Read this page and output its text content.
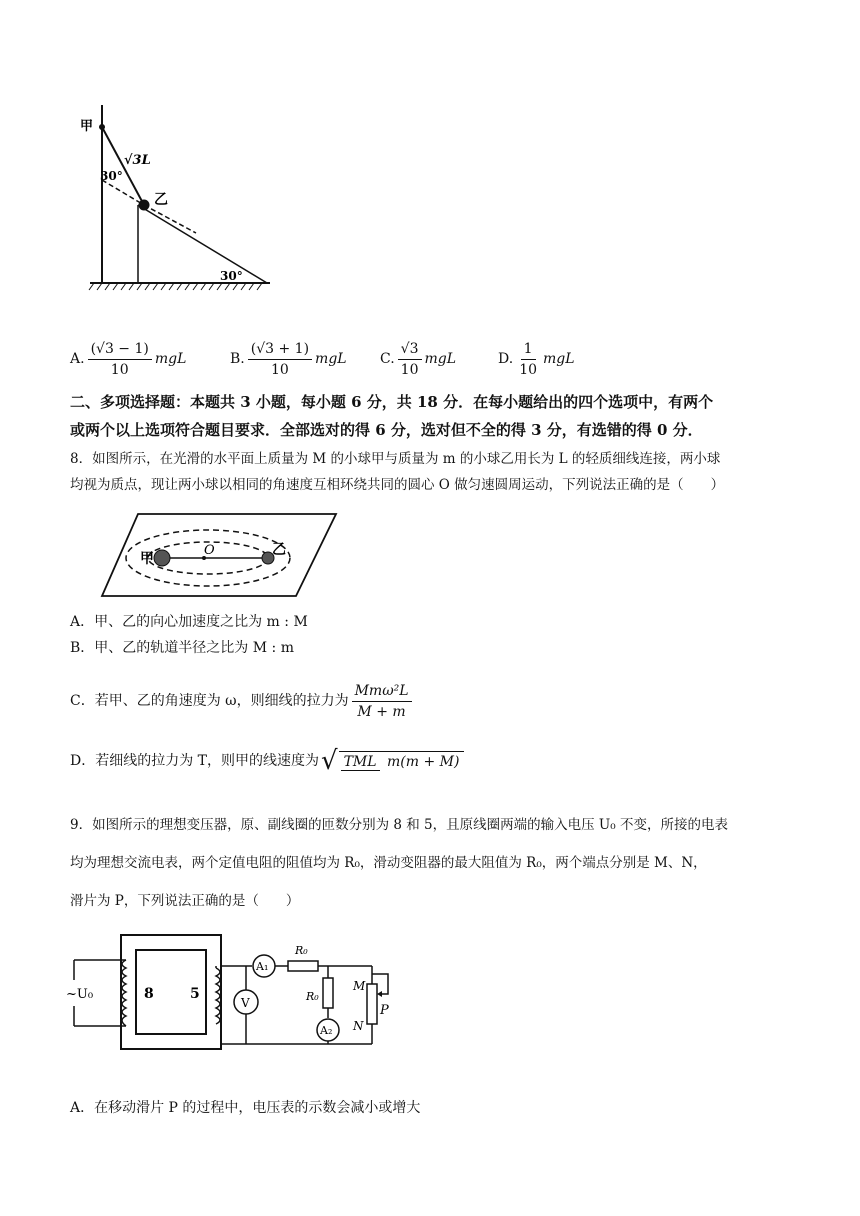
甲
30°
√3L
乙
30°
A. $\frac{(√3 - 1)}{10}$ mgL	B. $\frac{(√3 + 1)}{10}$ mgL C. $\frac{√3}{10}$ mgL	D. $\frac{1}{10}$ mgL
二、多项选择题：本题共 3 小题，每小题 6 分，共 18 分．在每小题给出的四个选项中，有两个
或两个以上选项符合题目要求．全部选对的得 6 分，选对但不全的得 3 分，有选错的得 0 分．
8．如图所示，在光滑的水平面上质量为 M 的小球甲与质量为 m 的小球乙用长为 L 的轻质细线连接，两小球
均视为质点，现让两小球以相同的角速度互相环绕共同的圆心 O 做匀速圆周运动，下列说法正确的是（　　）
甲
乙
O
A．甲、乙的向心加速度之比为 m : M
B．甲、乙的轨道半径之比为 M : m
C．若甲、乙的角速度为 ω，则细线的拉力为 $\frac{\text{Mmω²L}}{M + m}$
D．若细线的拉力为 T，则甲的线速度为 √ TML m(m + M)
9．如图所示的理想变压器，原、副线圈的匝数分别为 8 和 5，且原线圈两端的输入电压 U₀ 不变，所接的电表
均为理想交流电表，两个定值电阻的阻值均为 R₀，滑动变阻器的最大阻值为 R₀，两个端点分别是 M、N，
滑片为 P，下列说法正确的是（　　）
~U₀	8	5
V
A₁
R₀
R₀
A₂
M
N
P
A．在移动滑片 P 的过程中，电压表的示数会减小或增大
